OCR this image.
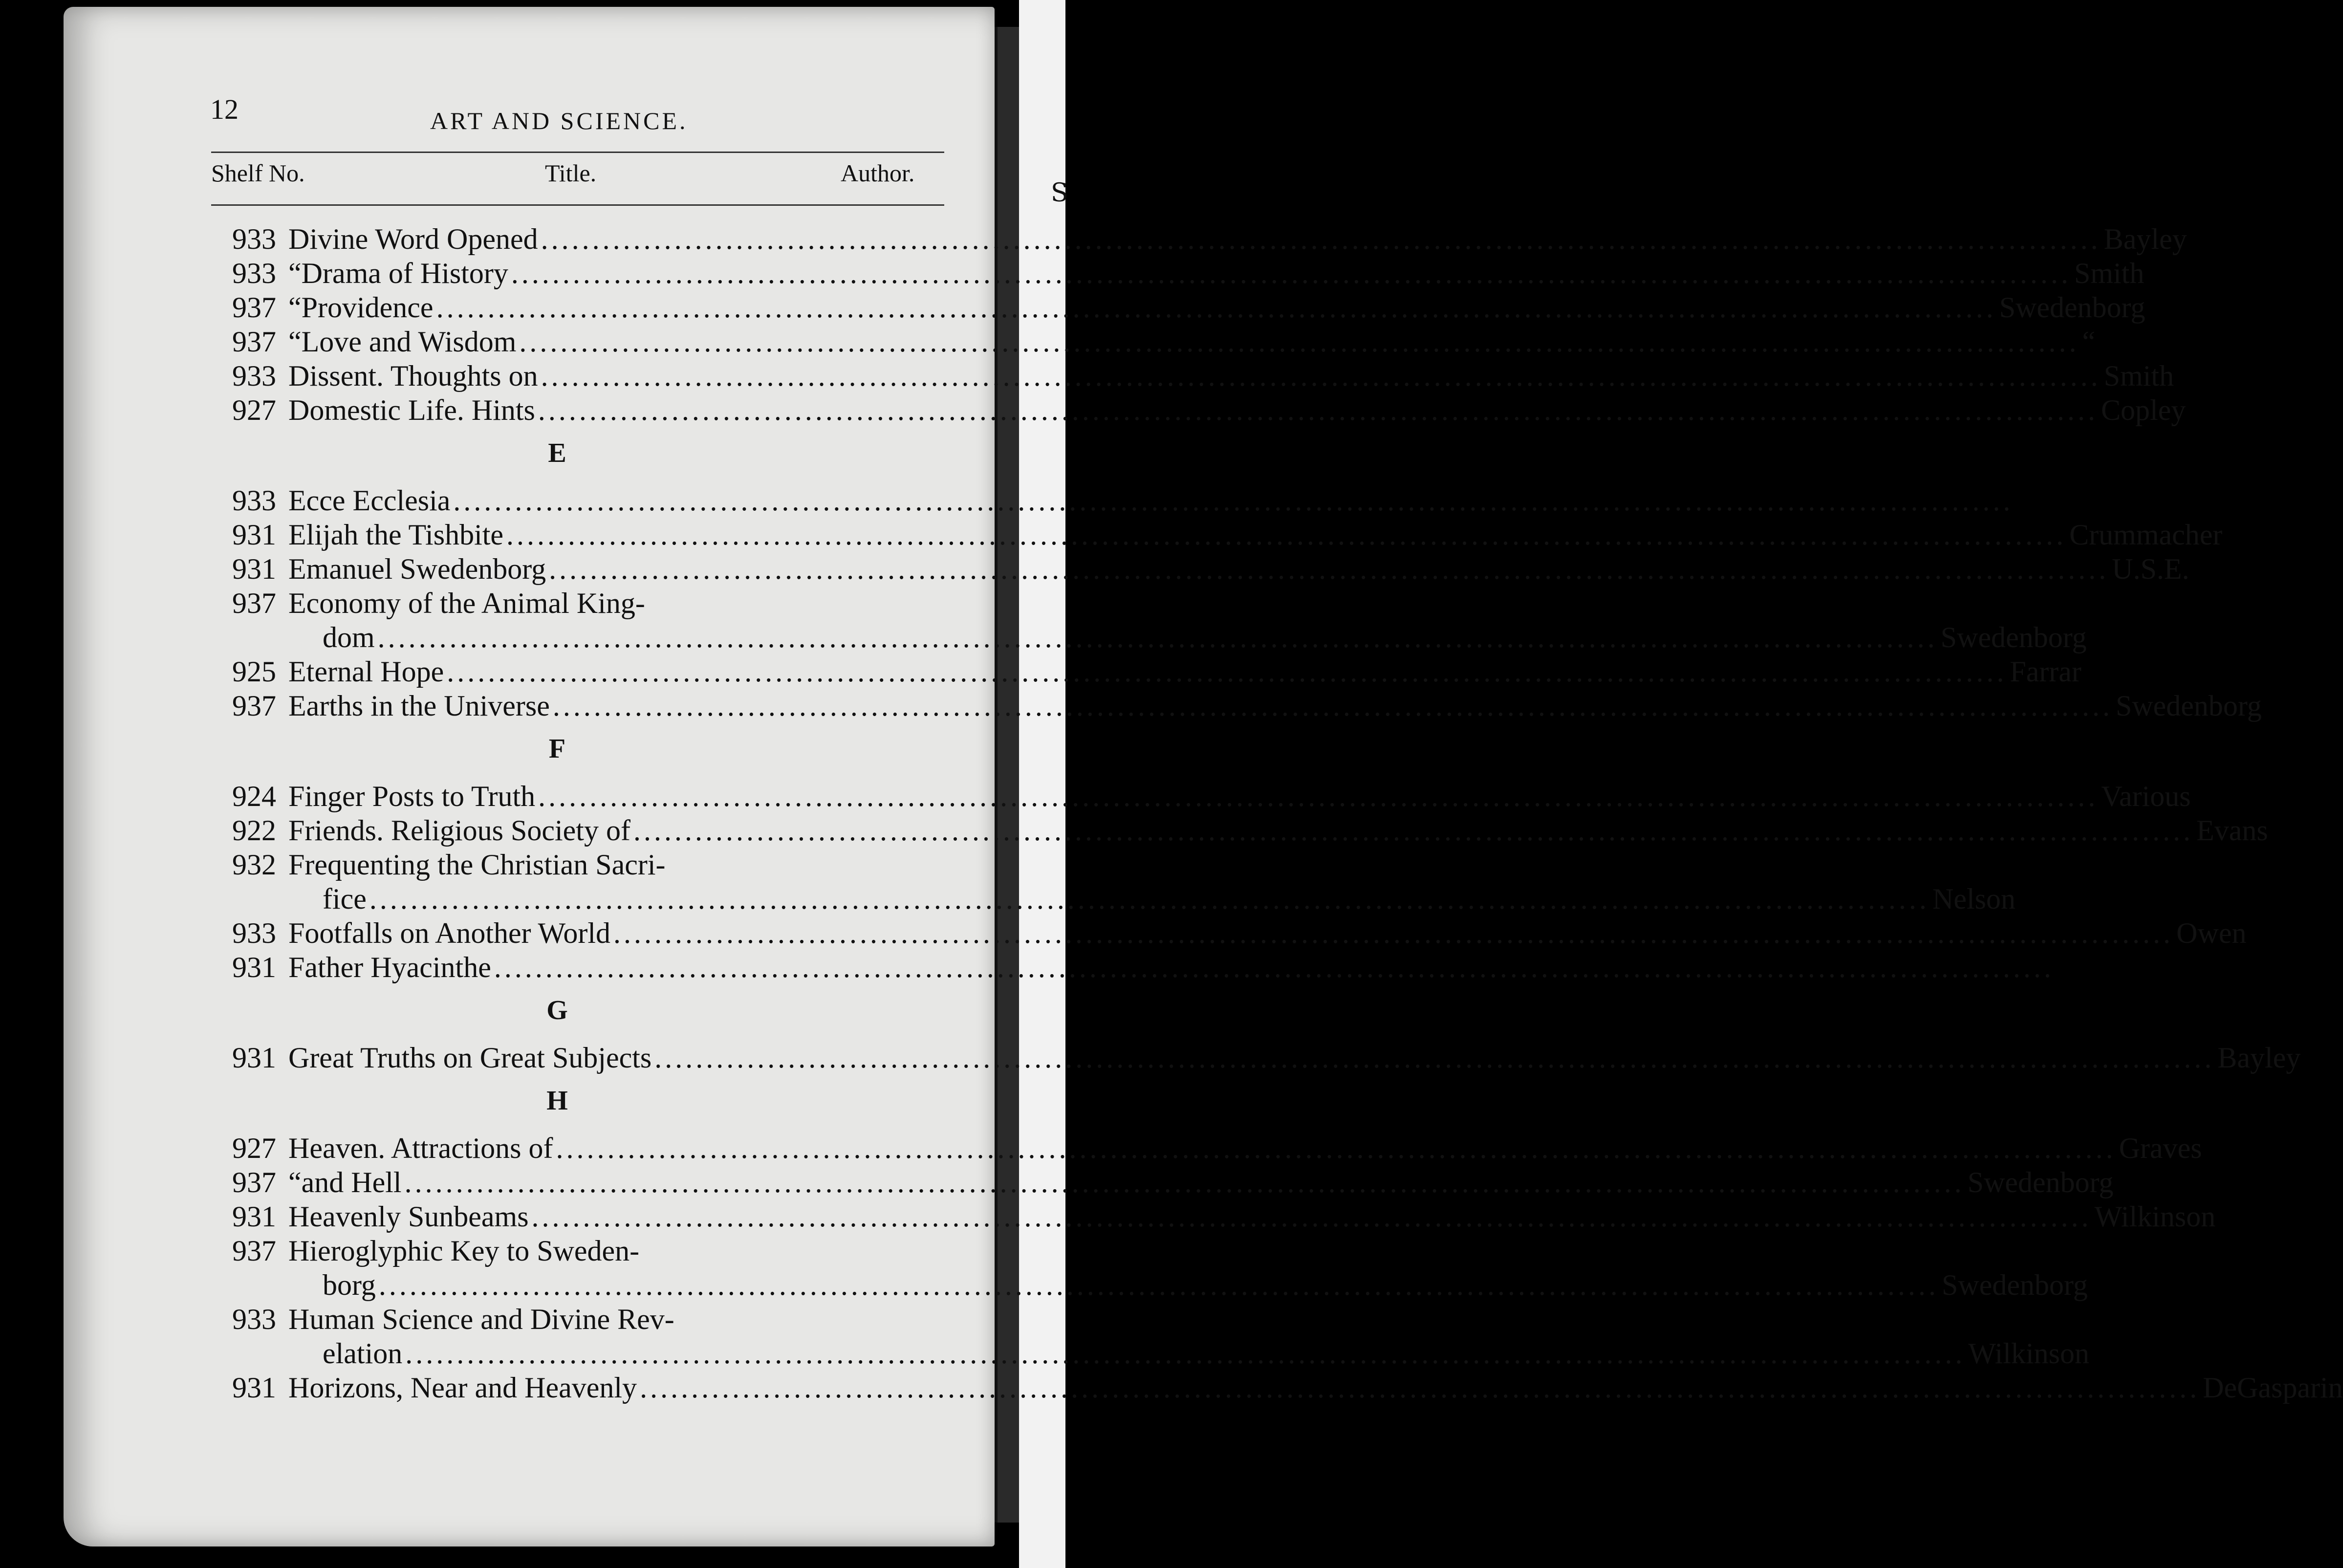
S
12	ART AND SCIENCE.
Shelf No.	Title.	Author.
933 Divine Word Opened .....	Bayley
933 “ Drama of History .....	Smith
937 “ Providence .....	Swedenborg
937 “ Love and Wisdom .....	“
933 Dissent. Thoughts on .....	Smith
927 Domestic Life. Hints .....	Copley
E
933 Ecce Ecclesia
.....
931 Elijah the Tishbite .....	Crummacher
931 Emanuel Swedenborg .....	U.S.E.
937 Economy of the Animal King-
dom .....	Swedenborg
925 Eternal Hope .....	Farrar
937 Earths in the Universe .....	Swedenborg
F
924 Finger Posts to Truth .....	Various
922 Friends. Religious Society of .....	Evans
932 Frequenting the Christian Sacri-
fice .....	Nelson
933 Footfalls on Another World .....	Owen
931 Father Hyacinthe
.....
G
931 Great Truths on Great Subjects .....	Bayley
H
927 Heaven. Attractions of .....	Graves
937 “ and Hell .....	Swedenborg
931 Heavenly Sunbeams .....	Wilkinson
937 Hieroglyphic Key to Sweden-
borg .....	Swedenborg
933 Human Science and Divine Rev-
elation .....	Wilkinson
931 Horizons, Near and Heavenly .....	DeGasparin
